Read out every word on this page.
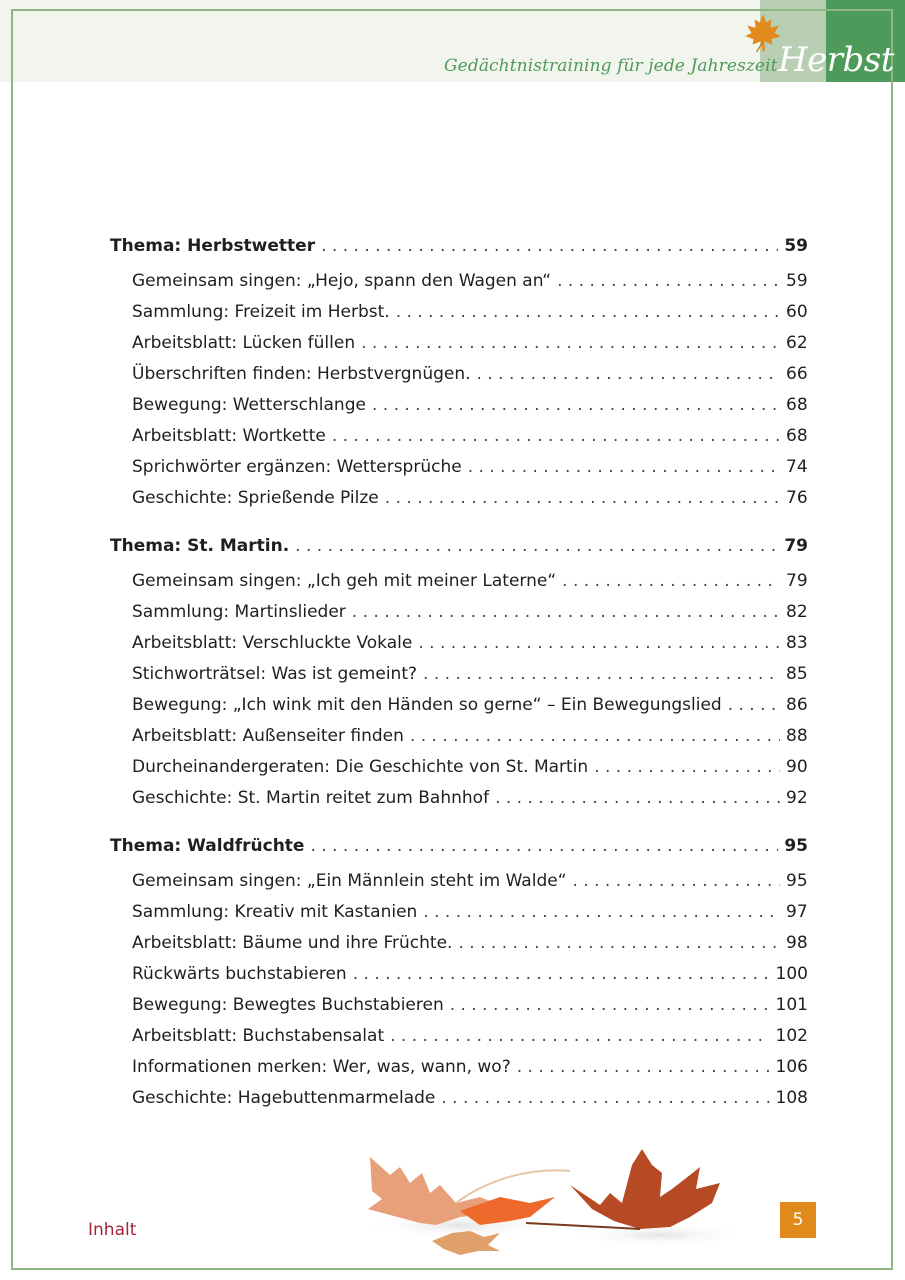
Gedächtnistraining für jede Jahreszeit Herbst
Thema: Herbstwetter . . .	59
Gemeinsam singen: „Hejo, spann den Wagen an“ . . .	59
Sammlung: Freizeit im Herbst. . . .	60
Arbeitsblatt: Lücken füllen . . .	62
Überschriften finden: Herbstvergnügen. . . .	66
Bewegung: Wetterschlange . . .	68
Arbeitsblatt: Wortkette . . .	68
Sprichwörter ergänzen: Wettersprüche . . .	74
Geschichte: Sprießende Pilze . . .	76
Thema: St. Martin. . . .	79
Gemeinsam singen: „Ich geh mit meiner Laterne“ . . .	79
Sammlung: Martinslieder . . .	82
Arbeitsblatt: Verschluckte Vokale . . .	83
Stichworträtsel: Was ist gemeint? . . .	85
Bewegung: „Ich wink mit den Händen so gerne“ – Ein Bewegungslied . . .	86
Arbeitsblatt: Außenseiter finden . . .	88
Durcheinandergeraten: Die Geschichte von St. Martin . . .	90
Geschichte: St. Martin reitet zum Bahnhof . . .	92
Thema: Waldfrüchte . . .	95
Gemeinsam singen: „Ein Männlein steht im Walde“ . . .	95
Sammlung: Kreativ mit Kastanien . . .	97
Arbeitsblatt: Bäume und ihre Früchte. . . .	98
Rückwärts buchstabieren . . .	100
Bewegung: Bewegtes Buchstabieren . . .	101
Arbeitsblatt: Buchstabensalat . . .	102
Informationen merken: Wer, was, wann, wo? . . .	106
Geschichte: Hagebuttenmarmelade . . .	108
Inhalt	5
